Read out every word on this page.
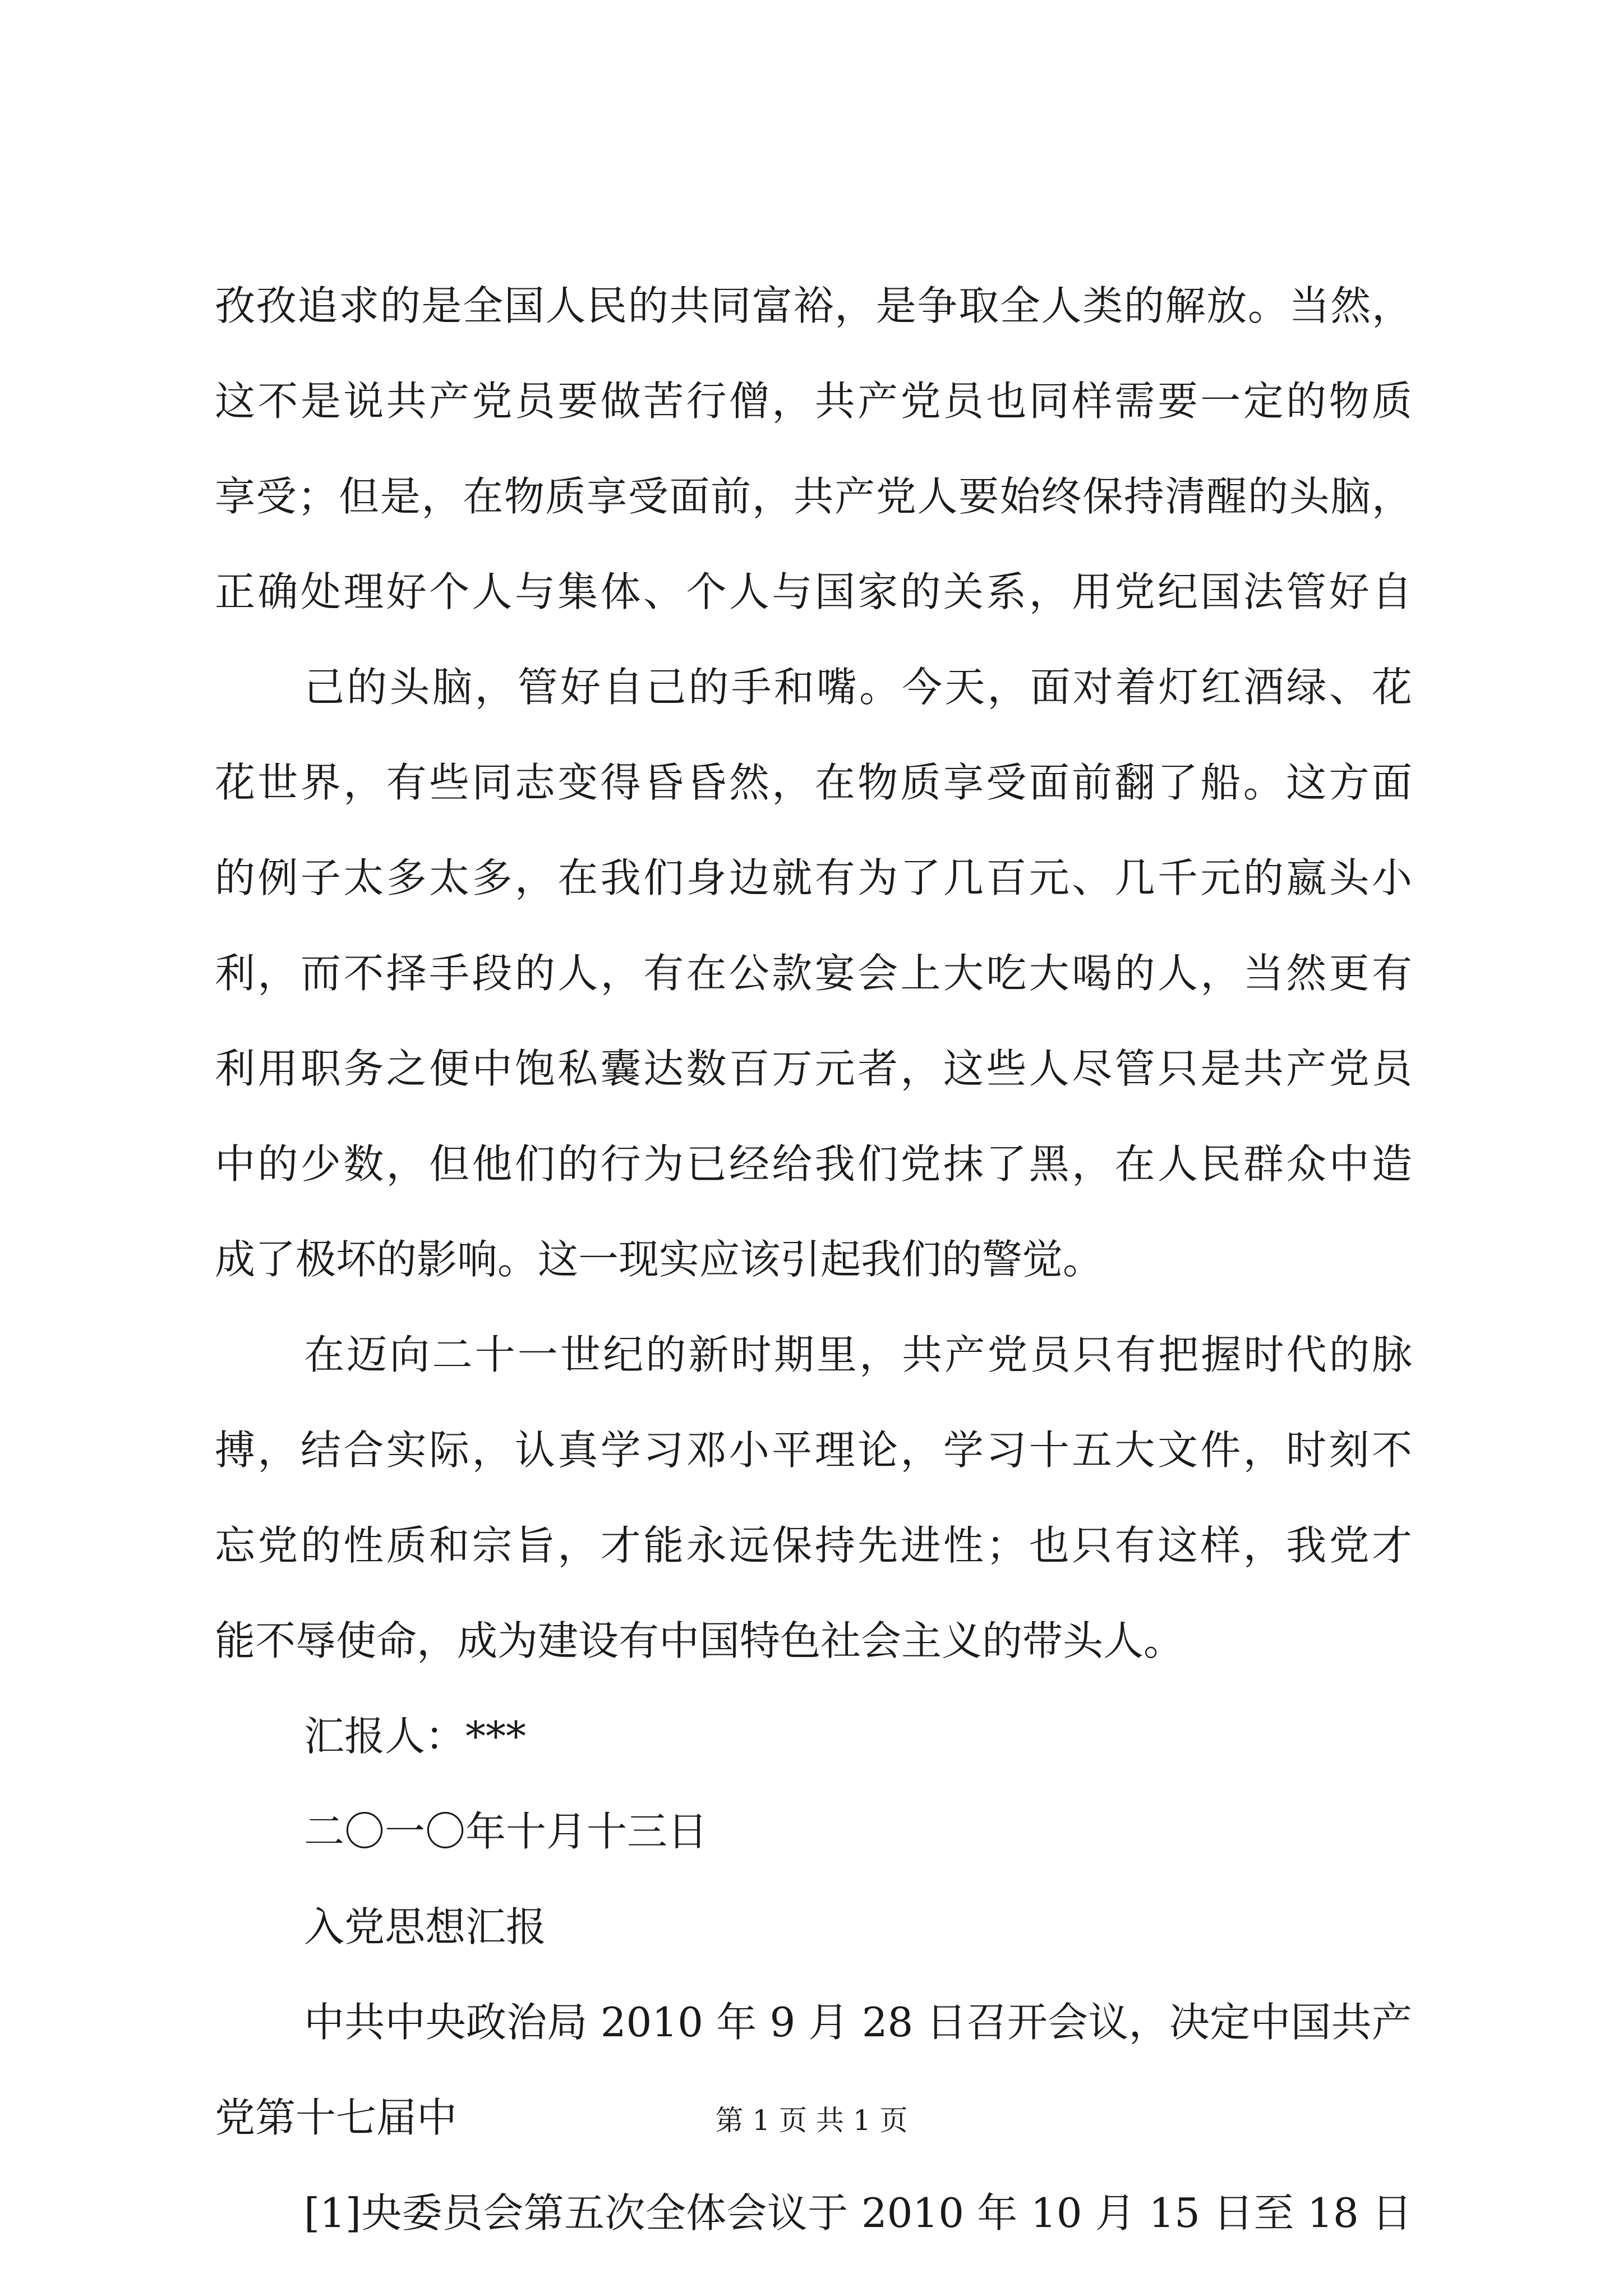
孜孜追求的是全国人民的共同富裕，是争取全人类的解放。当然，
这不是说共产党员要做苦行僧，共产党员也同样需要一定的物质
享受；但是，在物质享受面前，共产党人要始终保持清醒的头脑，
正确处理好个人与集体、个人与国家的关系，用党纪国法管好自
己的头脑，管好自己的手和嘴。今天，面对着灯红酒绿、花
花世界，有些同志变得昏昏然，在物质享受面前翻了船。这方面
的例子太多太多，在我们身边就有为了几百元、几千元的嬴头小
利，而不择手段的人，有在公款宴会上大吃大喝的人，当然更有
利用职务之便中饱私囊达数百万元者，这些人尽管只是共产党员
中的少数，但他们的行为已经给我们党抹了黑，在人民群众中造
成了极坏的影响。这一现实应该引起我们的警觉。
在迈向二十一世纪的新时期里，共产党员只有把握时代的脉
搏，结合实际，认真学习邓小平理论，学习十五大文件，时刻不
忘党的性质和宗旨，才能永远保持先进性；也只有这样，我党才
能不辱使命，成为建设有中国特色社会主义的带头人。
汇报人：***
二〇一〇年十月十三日
入党思想汇报
中共中央政治局 2010 年 9 月 28 日召开会议，决定中国共产
党第十七届中
[1]央委员会第五次全体会议于 2010 年 10 月 15 日至 18 日
第 1 页 共 1 页
